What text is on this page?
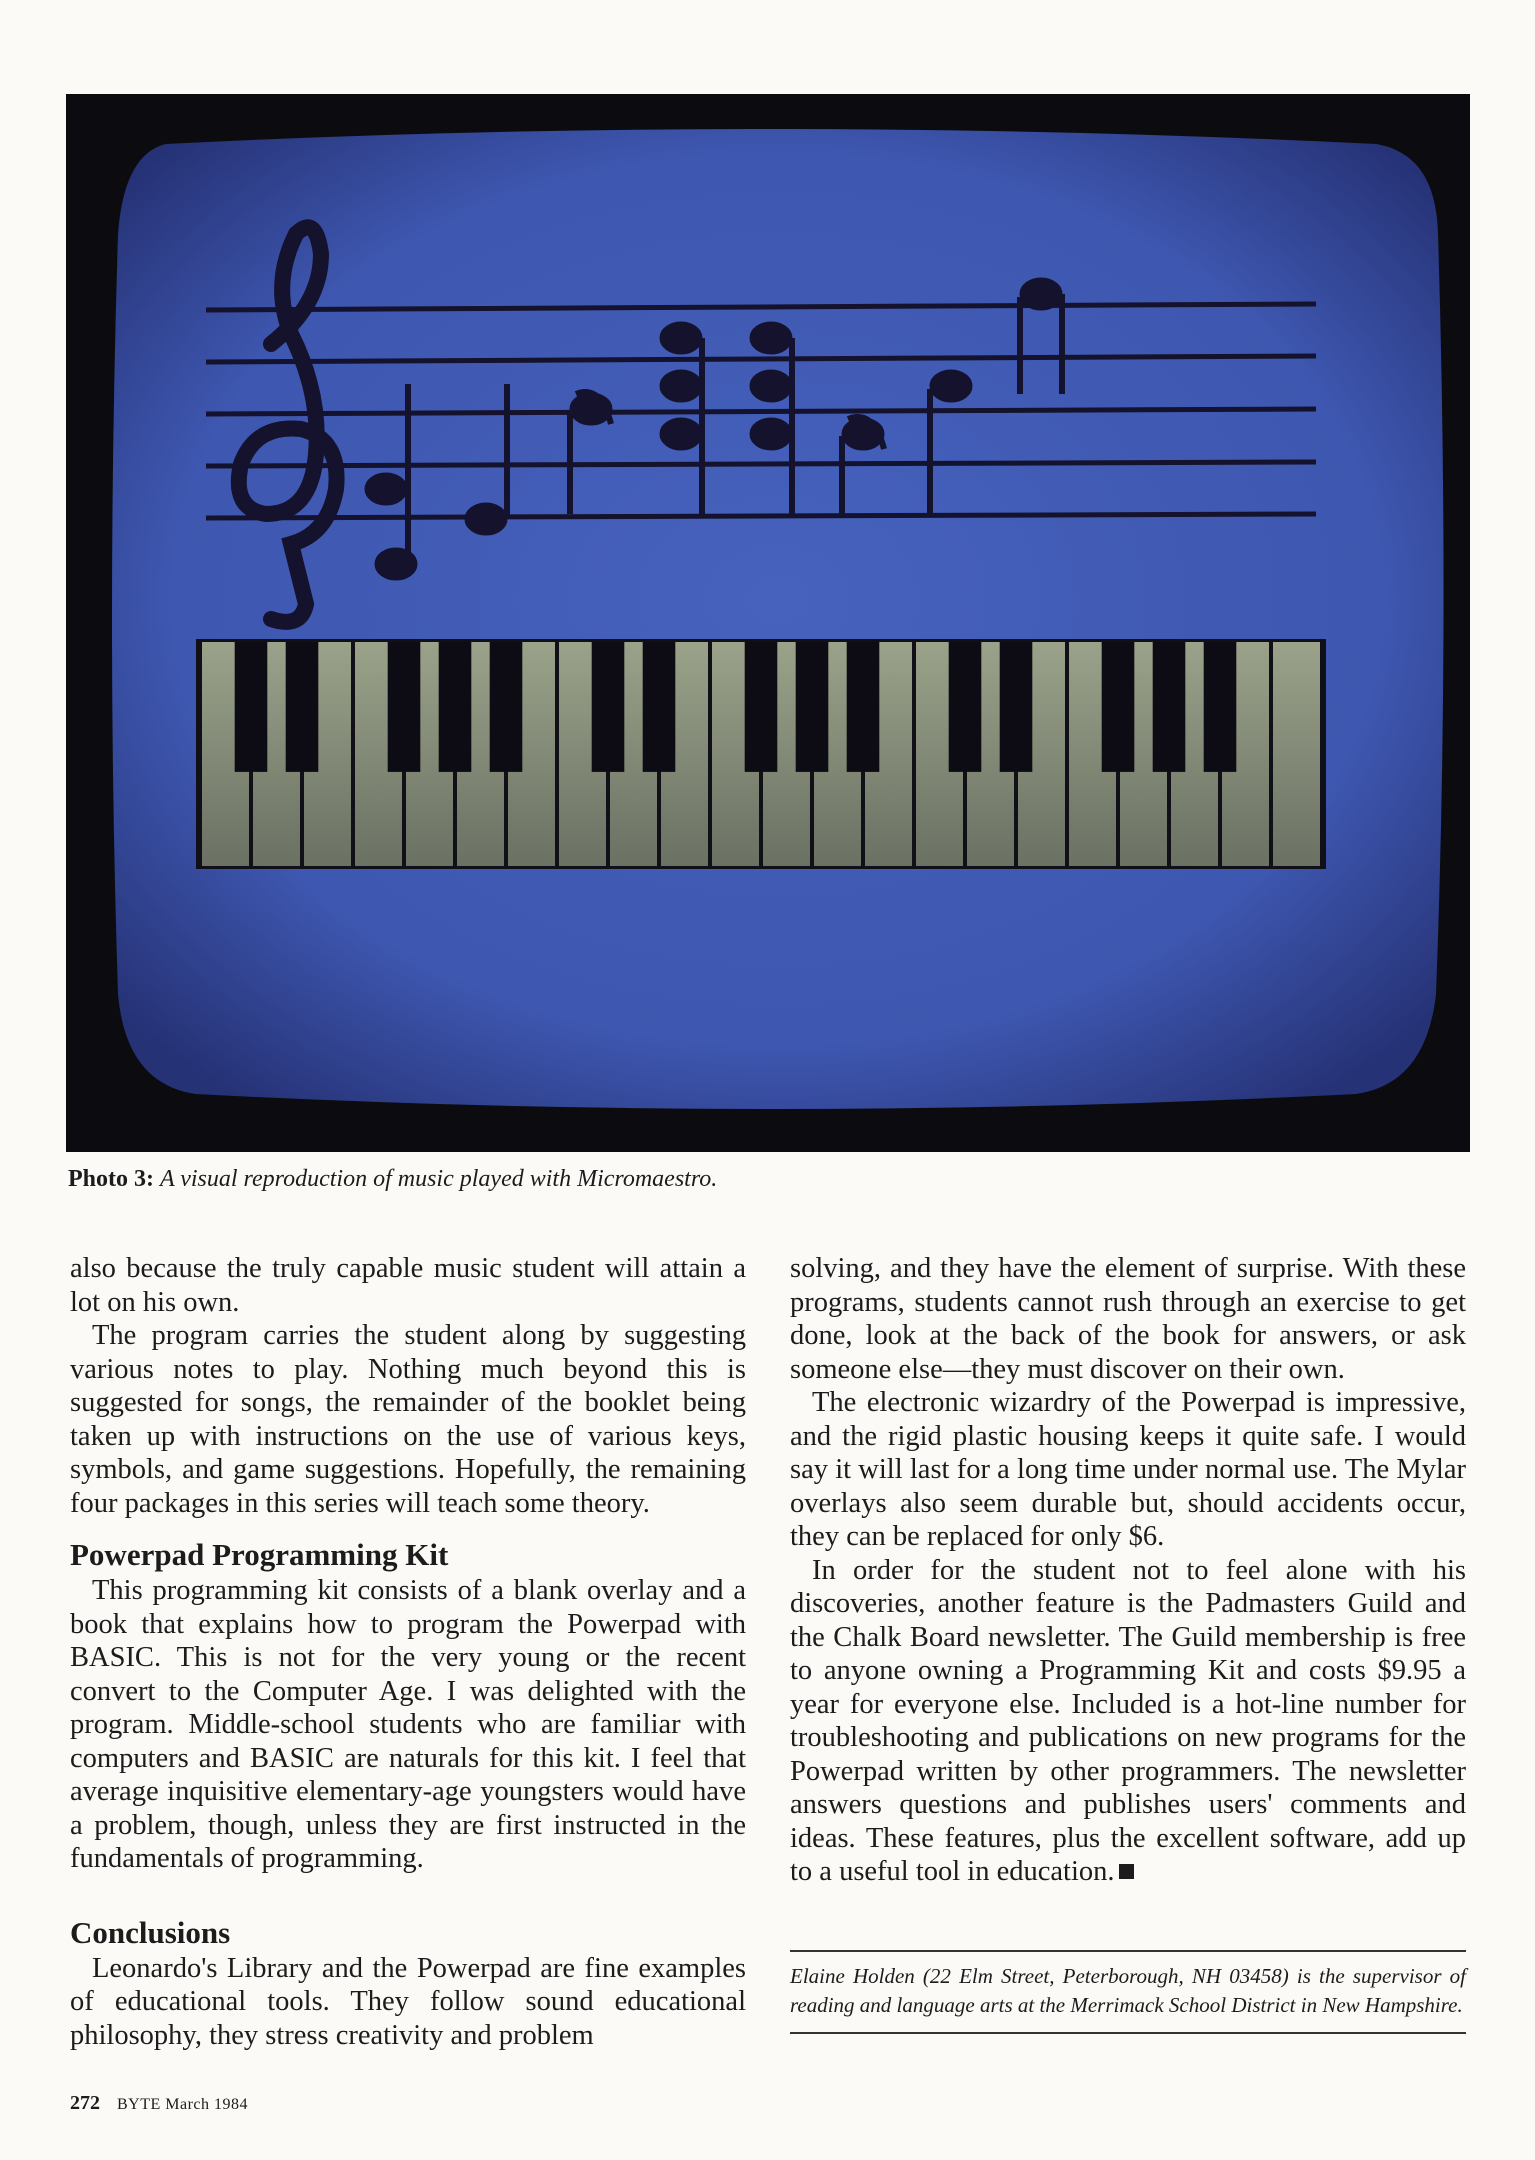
Photo 3: A visual reproduction of music played with Micromaestro.

also because the truly capable music student will attain a lot on his own.

The program carries the student along by suggesting various notes to play. Nothing much beyond this is suggested for songs, the remainder of the booklet being taken up with instructions on the use of various keys, symbols, and game suggestions. Hopefully, the remaining four packages in this series will teach some theory.

Powerpad Programming Kit

This programming kit consists of a blank overlay and a book that explains how to program the Powerpad with BASIC. This is not for the very young or the recent convert to the Computer Age. I was delighted with the program. Middle-school students who are familiar with computers and BASIC are naturals for this kit. I feel that average inquisitive elementary-age youngsters would have a problem, though, unless they are first instructed in the fundamentals of programming.

Conclusions

Leonardo's Library and the Powerpad are fine examples of educational tools. They follow sound educational philosophy, they stress creativity and problem

solving, and they have the element of surprise. With these programs, students cannot rush through an exercise to get done, look at the back of the book for answers, or ask someone else—they must discover on their own.

The electronic wizardry of the Powerpad is impressive, and the rigid plastic housing keeps it quite safe. I would say it will last for a long time under normal use. The Mylar overlays also seem durable but, should accidents occur, they can be replaced for only $6.

In order for the student not to feel alone with his discoveries, another feature is the Padmasters Guild and the Chalk Board newsletter. The Guild membership is free to anyone owning a Programming Kit and costs $9.95 a year for everyone else. Included is a hot-line number for troubleshooting and publications on new programs for the Powerpad written by other programmers. The newsletter answers questions and publishes users' comments and ideas. These features, plus the excellent software, add up to a useful tool in education.

Elaine Holden (22 Elm Street, Peterborough, NH 03458) is the supervisor of reading and language arts at the Merrimack School District in New Hampshire.
272 BYTE March 1984
